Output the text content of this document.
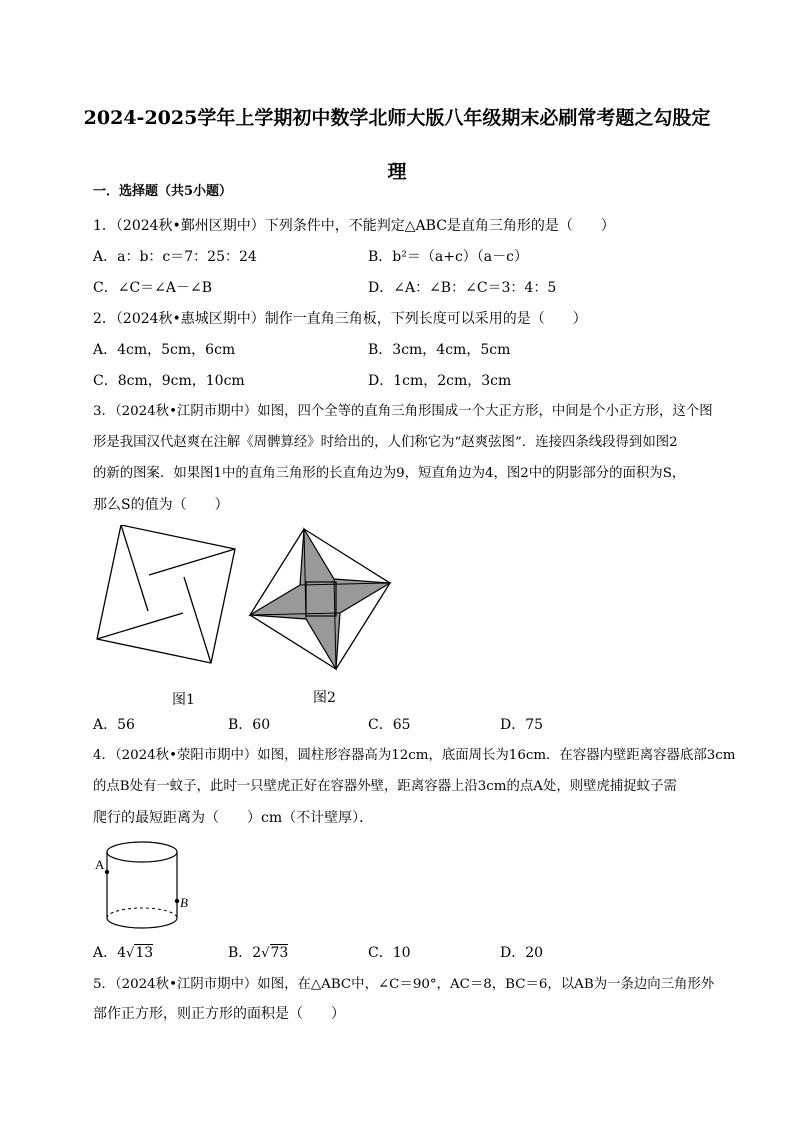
2024-2025学年上学期初中数学北师大版八年级期末必刷常考题之勾股定
理
一．选择题（共5小题）
1．（2024秋•鄞州区期中）下列条件中，不能判定△ABC是直角三角形的是（　　）
A．a：b：c＝7：25：24	B．b²＝（a+c）（a－c）
C．∠C＝∠A－∠B	D．∠A：∠B：∠C＝3：4：5
2．（2024秋•惠城区期中）制作一直角三角板，下列长度可以采用的是（　　）
A．4cm，5cm，6cm	B．3cm，4cm，5cm
C．8cm，9cm，10cm	D．1cm，2cm，3cm
3．（2024秋•江阴市期中）如图，四个全等的直角三角形围成一个大正方形，中间是个小正方形，这个图
形是我国汉代赵爽在注解《周髀算经》时给出的，人们称它为“赵爽弦图”．连接四条线段得到如图2
的新的图案．如果图1中的直角三角形的长直角边为9，短直角边为4，图2中的阴影部分的面积为S，
那么S的值为（　　）
图1	图2
A．56	B．60	C．65	D．75
4．（2024秋•荥阳市期中）如图，圆柱形容器高为12cm，底面周长为16cm．在容器内壁距离容器底部3cm
的点B处有一蚊子，此时一只壁虎正好在容器外壁，距离容器上沿3cm的点A处，则壁虎捕捉蚊子需
爬行的最短距离为（　　）cm（不计壁厚）．
A
B
A．4√13	B．2√73	C．10	D．20
5．（2024秋•江阴市期中）如图，在△ABC中，∠C＝90°，AC＝8，BC＝6，以AB为一条边向三角形外
部作正方形，则正方形的面积是（　　）
